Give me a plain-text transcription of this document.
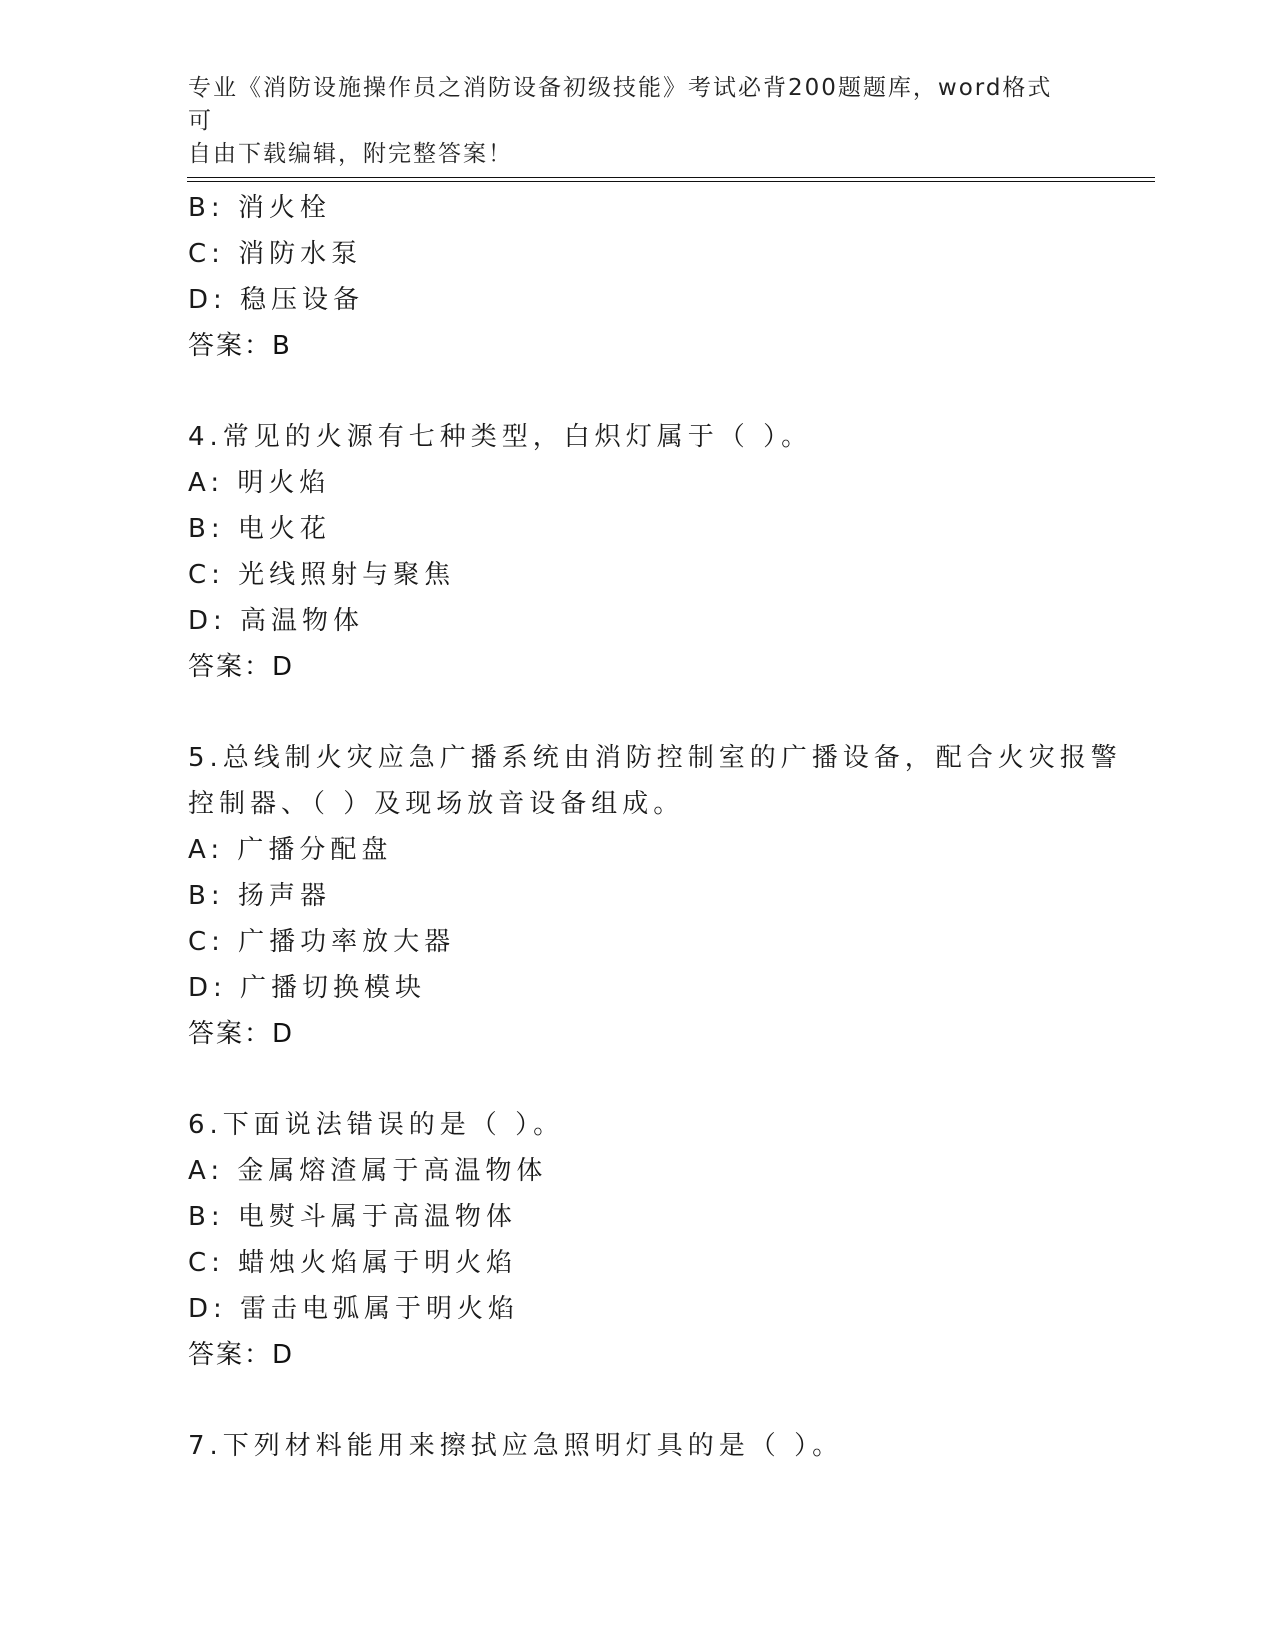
专业《消防设施操作员之消防设备初级技能》考试必背200题题库，word格式可
自由下载编辑，附完整答案！
B: 消火栓
C: 消防水泵
D: 稳压设备
答案：B
4.常见的火源有七种类型，白炽灯属于（ ）。
A: 明火焰
B: 电火花
C: 光线照射与聚焦
D: 高温物体
答案：D
5.总线制火灾应急广播系统由消防控制室的广播设备，配合火灾报警
控制器、（ ）及现场放音设备组成。
A: 广播分配盘
B: 扬声器
C: 广播功率放大器
D: 广播切换模块
答案：D
6.下面说法错误的是（ ）。
A: 金属熔渣属于高温物体
B: 电熨斗属于高温物体
C: 蜡烛火焰属于明火焰
D: 雷击电弧属于明火焰
答案：D
7.下列材料能用来擦拭应急照明灯具的是（ ）。
